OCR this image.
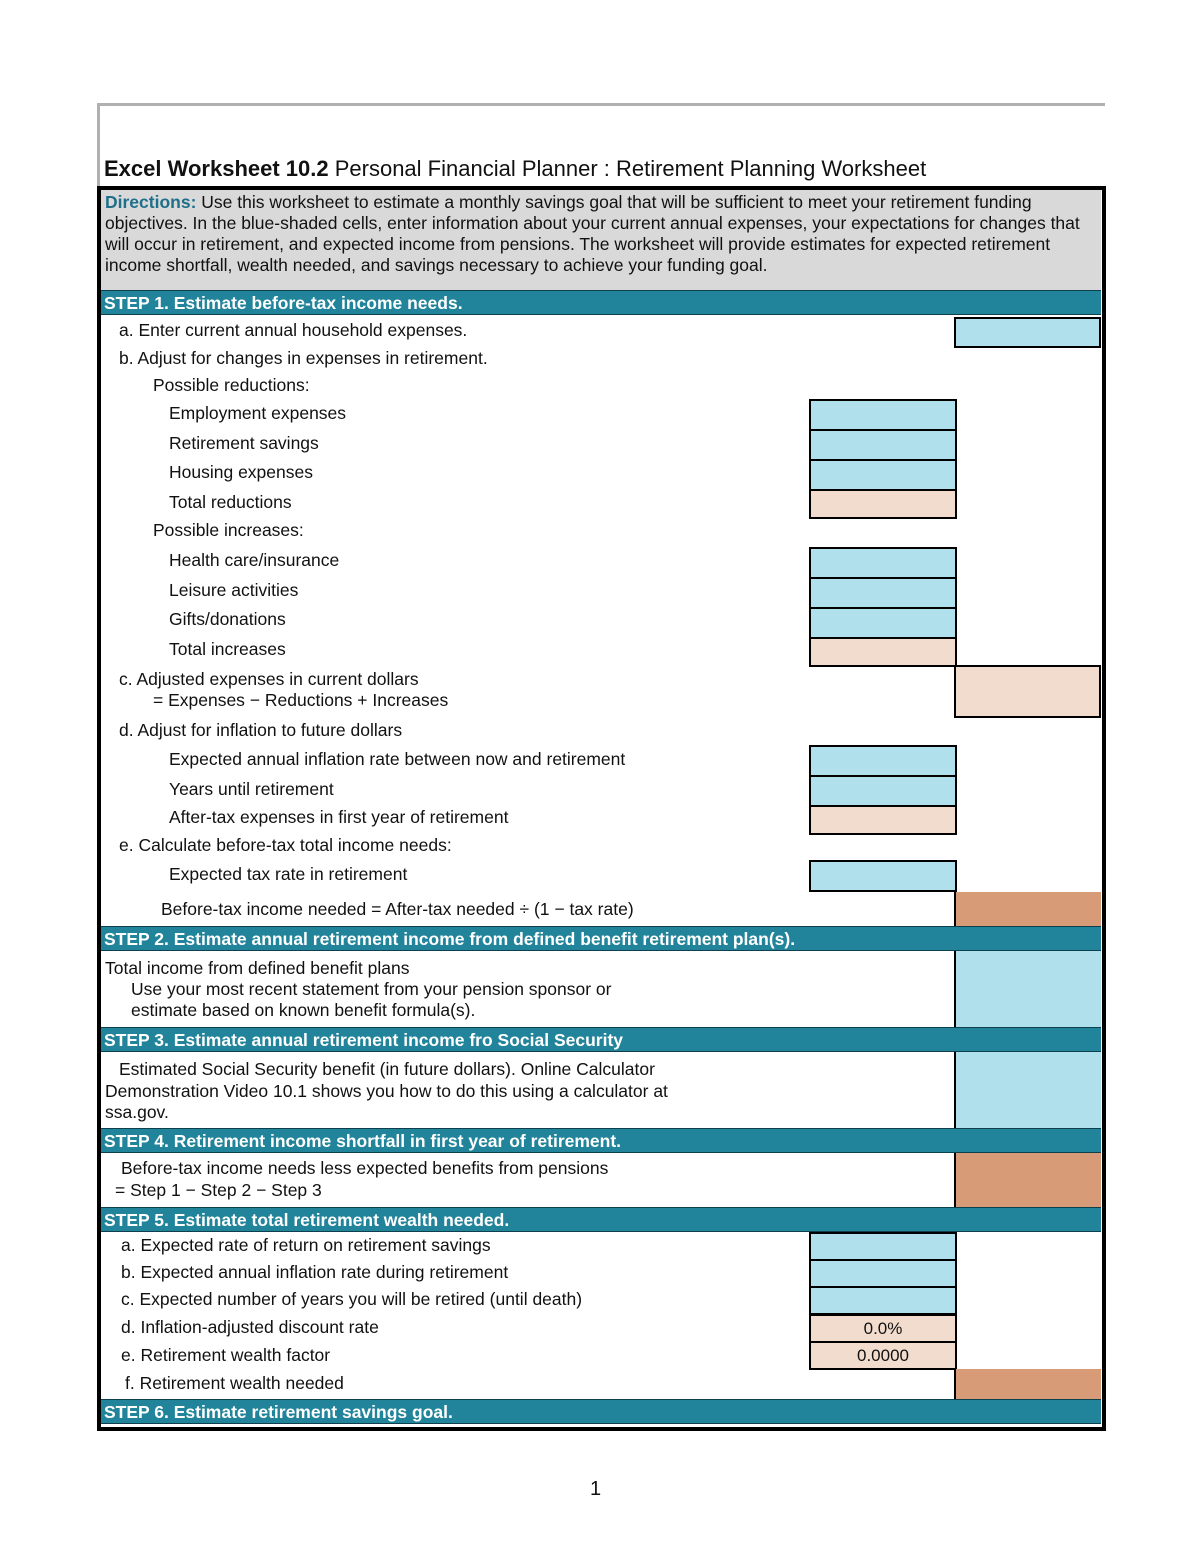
Excel Worksheet 10.2 Personal Financial Planner : Retirement Planning Worksheet
Directions: Use this worksheet to estimate a monthly savings goal that will be sufficient to meet your retirement funding objectives. In the blue-shaded cells, enter information about your current annual expenses, your expectations for changes that will occur in retirement, and expected income from pensions. The worksheet will provide estimates for expected retirement income shortfall, wealth needed, and savings necessary to achieve your funding goal.
STEP 1. Estimate before-tax income needs.
a. Enter current annual household expenses.
b. Adjust for changes in expenses in retirement.
Possible reductions:
Employment expenses
Retirement savings
Housing expenses
Total reductions
Possible increases:
Health care/insurance
Leisure activities
Gifts/donations
Total increases
c. Adjusted expenses in current dollars
= Expenses − Reductions + Increases
d. Adjust for inflation to future dollars
Expected annual inflation rate between now and retirement
Years until retirement
After-tax expenses in first year of retirement
e. Calculate before-tax total income needs:
Expected tax rate in retirement
Before-tax income needed = After-tax needed ÷ (1 − tax rate)
STEP 2. Estimate annual retirement income from defined benefit retirement plan(s).
Total income from defined benefit plans
Use your most recent statement from your pension sponsor or
estimate based on known benefit formula(s).
STEP 3. Estimate annual retirement income fro Social Security
Estimated Social Security benefit (in future dollars). Online Calculator
Demonstration Video 10.1 shows you how to do this using a calculator at
ssa.gov.
STEP 4. Retirement income shortfall in first year of retirement.
Before-tax income needs less expected benefits from pensions
= Step 1 − Step 2 − Step 3
STEP 5. Estimate total retirement wealth needed.
a. Expected rate of return on retirement savings
b. Expected annual inflation rate during retirement
c. Expected number of years you will be retired (until death)
d. Inflation-adjusted discount rate	0.0%
e. Retirement wealth factor	0.0000
f. Retirement wealth needed
STEP 6. Estimate retirement savings goal.
1
